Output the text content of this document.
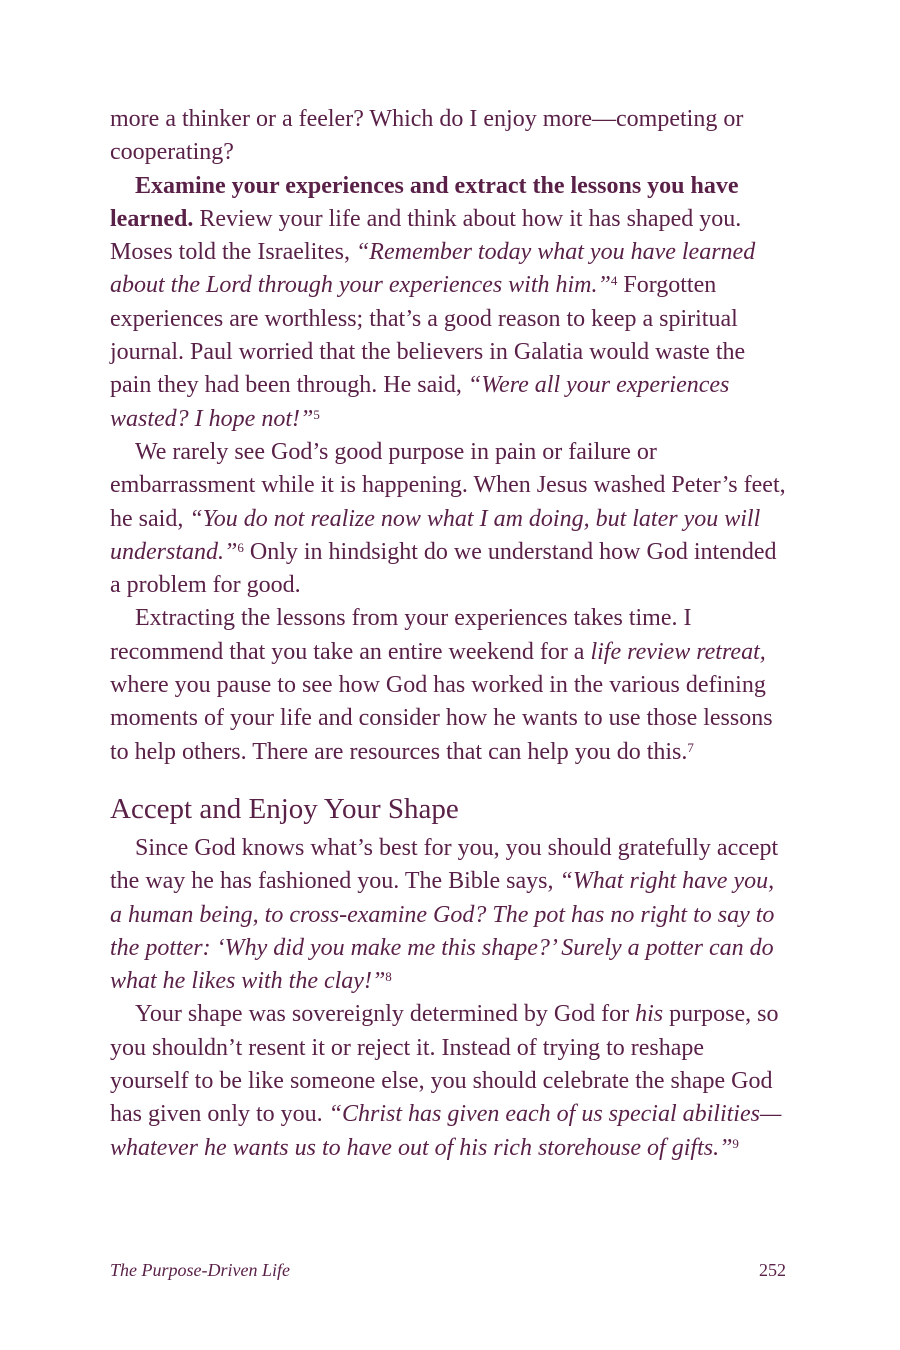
more a thinker or a feeler? Which do I enjoy more—competing or cooperating?

Examine your experiences and extract the lessons you have learned. Review your life and think about how it has shaped you. Moses told the Israelites, “Remember today what you have learned about the Lord through your experiences with him.”$^4$ Forgotten experiences are worthless; that’s a good reason to keep a spiritual journal. Paul worried that the believers in Galatia would waste the pain they had been through. He said, “Were all your experiences wasted? I hope not!”$^5$

We rarely see God’s good purpose in pain or failure or embarrassment while it is happening. When Jesus washed Peter’s feet, he said, “You do not realize now what I am doing, but later you will understand.”$^6$ Only in hindsight do we understand how God intended a problem for good.

Extracting the lessons from your experiences takes time. I recommend that you take an entire weekend for a life review retreat, where you pause to see how God has worked in the various defining moments of your life and consider how he wants to use those lessons to help others. There are resources that can help you do this.$^7$

Accept and Enjoy Your Shape

Since God knows what’s best for you, you should gratefully accept the way he has fashioned you. The Bible says, “What right have you, a human being, to cross-examine God? The pot has no right to say to the potter: ‘Why did you make me this shape?’ Surely a potter can do what he likes with the clay!”$^8$

Your shape was sovereignly determined by God for his purpose, so you shouldn’t resent it or reject it. Instead of trying to reshape yourself to be like someone else, you should celebrate the shape God has given only to you. “Christ has given each of us special abilities—whatever he wants us to have out of his rich storehouse of gifts.”$^9$

The Purpose-Driven Life	252
